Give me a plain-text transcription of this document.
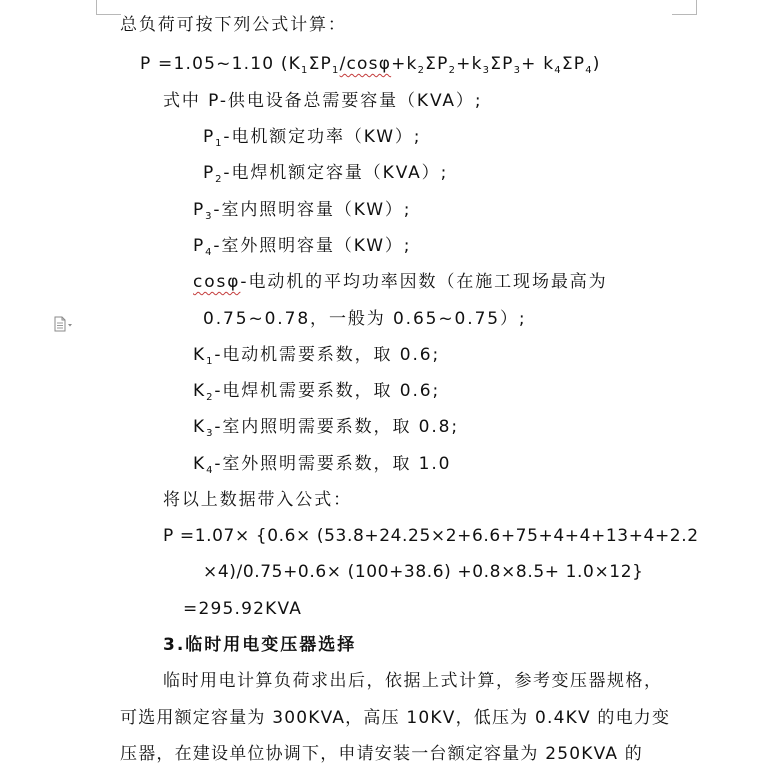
总负荷可按下列公式计算：
P =1.05~1.10 $(K_1\Sigma P_1/\cos\varphi+k_2\Sigma P_2+k_3\Sigma P_3+ k_4\Sigma P_4)$
式中 P-供电设备总需要容量（KVA）;
$P_1-$电机额定功率（KW）;
$P_2-$电焊机额定容量（KVA）;
$P_3-$室内照明容量（KW）;
$P_4-$室外照明容量（KW）;
cosφ-电动机的平均功率因数（在施工现场最高为
0.75~0.78，一般为 0.65~0.75）;
$K_1-$电动机需要系数，取 0.6;
$K_2-$电焊机需要系数，取 0.6;
$K_3-$室内照明需要系数，取 0.8;
$K_4-$室外照明需要系数，取 1.0
将以上数据带入公式：
P =1.07× {0.6× (53.8+24.25×2+6.6+75+4+4+13+4+2.2
×4)/0.75+0.6× (100+38.6) +0.8×8.5+ 1.0×12}
=295.92KVA
3.临时用电变压器选择
临时用电计算负荷求出后，依据上式计算，参考变压器规格，
可选用额定容量为 300KVA，高压 10KV，低压为 0.4KV 的电力变
压器，在建设单位协调下，申请安装一台额定容量为 250KVA 的
